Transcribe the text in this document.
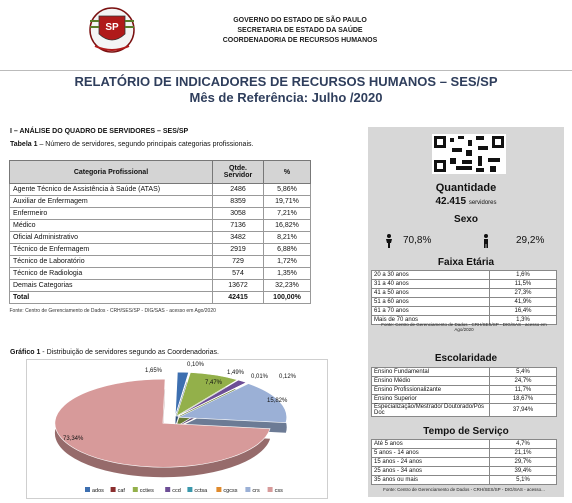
SP
GOVERNO DO ESTADO DE SÃO PAULO
SECRETARIA DE ESTADO DA SAÚDE
COORDENADORIA DE RECURSOS HUMANOS
RELATÓRIO DE INDICADORES DE RECURSOS HUMANOS – SES/SP
Mês de Referência: Julho /2020
I – ANÁLISE DO QUADRO DE SERVIDORES – SES/SP
Tabela 1 – Número de servidores, segundo principais categorias profissionais.
Categoria Profissional	Qtde. Servidor	%
Agente Técnico de Assistência à Saúde (ATAS)	2486	5,86%
Auxiliar de Enfermagem	8359	19,71%
Enfermeiro	3058	7,21%
Médico	7136	16,82%
Oficial Administrativo	3482	8,21%
Técnico de Enfermagem	2919	6,88%
Técnico de Laboratório	729	1,72%
Técnico de Radiologia	574	1,35%
Demais Categorias	13672	32,23%
Total	42415	100,00%

Fonte: Centro de Gerenciamento de Dados - CRH/SES/SP - DIG/SAS - acesso em Ago/2020		
Quantidade
42.415 servidores
Sexo
70,8%	29,2%
Faixa Etária
20 a 30 anos	1,6%
31 a 40 anos	11,5%
41 a 50 anos	27,3%
51 a 60 anos	41,9%
61 a 70 anos	16,4%
Mais de 70 anos	1,3%
Fonte: Centro de Gerenciamento de Dados - CRH/SES/SP - DIG/SAS - acesso em Ago/2020
Escolaridade
Ensino Fundamental	5,4%
Ensino Médio	24,7%
Ensino Profissionalizante	11,7%
Ensino Superior	18,67%
Especialização/Mestrado/ Doutorado/Pós Doc	37,94%
Tempo de Serviço
Até 5 anos	4,7%
5 anos - 14 anos	21,1%
15 anos - 24 anos	29,7%
25 anos - 34 anos	39,4%
35 anos ou mais	5,1%
Fonte: Centro de Gerenciamento de Dados - CRH/SES/SP - DIG/SAS - acesso...
Gráfico 1 - Distribuição de servidores segundo as Coordenadorias.
1,65%
0,10%
7,47%
1,49%
0,01% 0,12%
15,82%
73,34%
ados caf	ccties	ccd cctsa	cgcss	crs	css
